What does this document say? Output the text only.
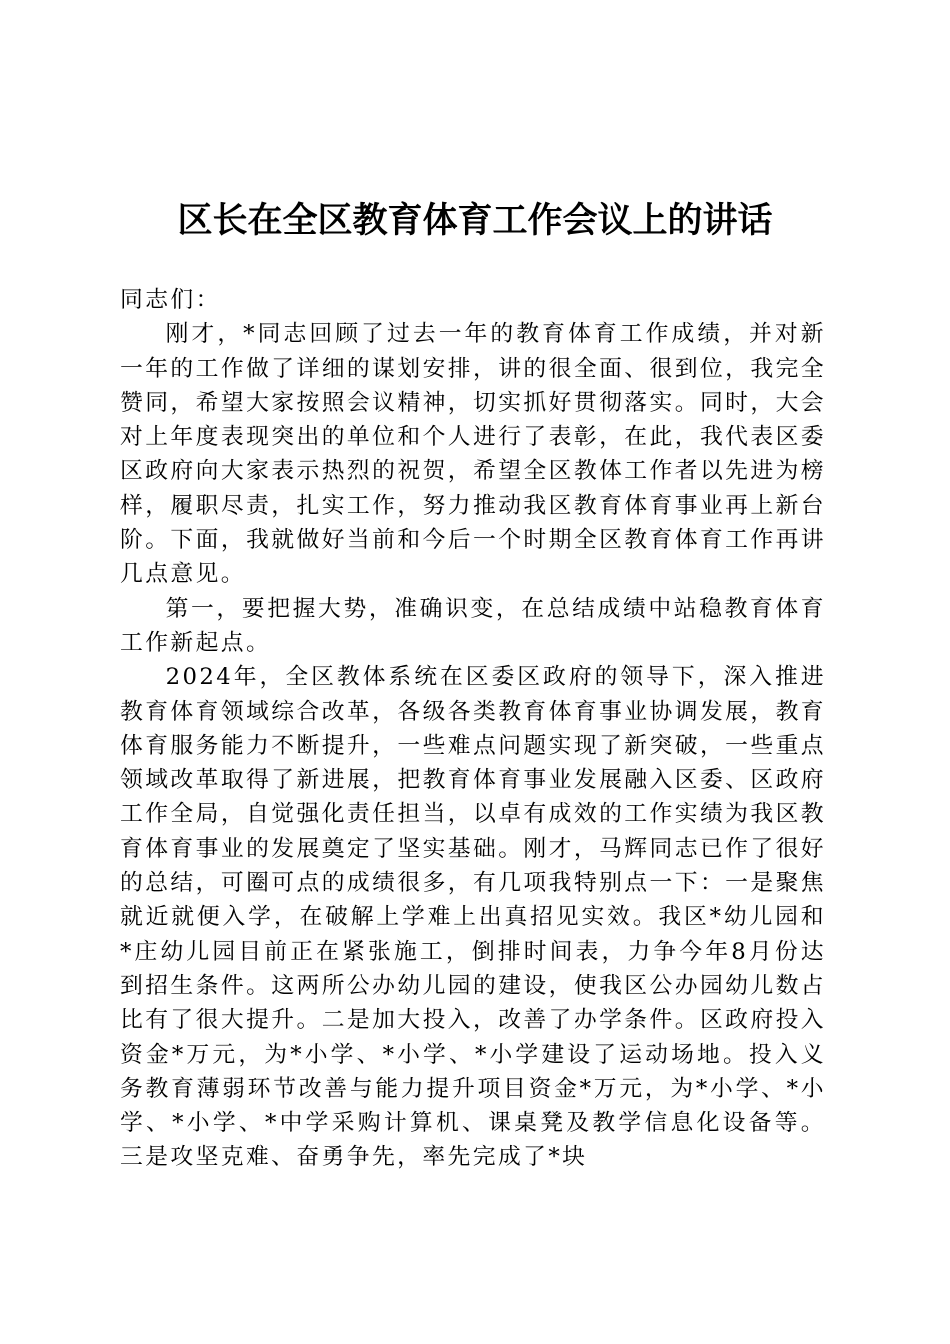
区长在全区教育体育工作会议上的讲话

同志们：

刚才，*同志回顾了过去一年的教育体育工作成绩，并对新一年的工作做了详细的谋划安排，讲的很全面、很到位，我完全赞同，希望大家按照会议精神，切实抓好贯彻落实。同时，大会对上年度表现突出的单位和个人进行了表彰，在此，我代表区委区政府向大家表示热烈的祝贺，希望全区教体工作者以先进为榜样，履职尽责，扎实工作，努力推动我区教育体育事业再上新台阶。下面，我就做好当前和今后一个时期全区教育体育工作再讲几点意见。

第一，要把握大势，准确识变，在总结成绩中站稳教育体育工作新起点。

2024年，全区教体系统在区委区政府的领导下，深入推进教育体育领域综合改革，各级各类教育体育事业协调发展，教育体育服务能力不断提升，一些难点问题实现了新突破，一些重点领域改革取得了新进展，把教育体育事业发展融入区委、区政府工作全局，自觉强化责任担当，以卓有成效的工作实绩为我区教育体育事业的发展奠定了坚实基础。刚才，马辉同志已作了很好的总结，可圈可点的成绩很多，有几项我特别点一下：一是聚焦就近就便入学，在破解上学难上出真招见实效。我区*幼儿园和*庄幼儿园目前正在紧张施工，倒排时间表，力争今年8月份达到招生条件。这两所公办幼儿园的建设，使我区公办园幼儿数占比有了很大提升。二是加大投入，改善了办学条件。区政府投入资金*万元，为*小学、*小学、*小学建设了运动场地。投入义务教育薄弱环节改善与能力提升项目资金*万元，为*小学、*小学、*小学、*中学采购计算机、课桌凳及教学信息化设备等。三是攻坚克难、奋勇争先，率先完成了*块
